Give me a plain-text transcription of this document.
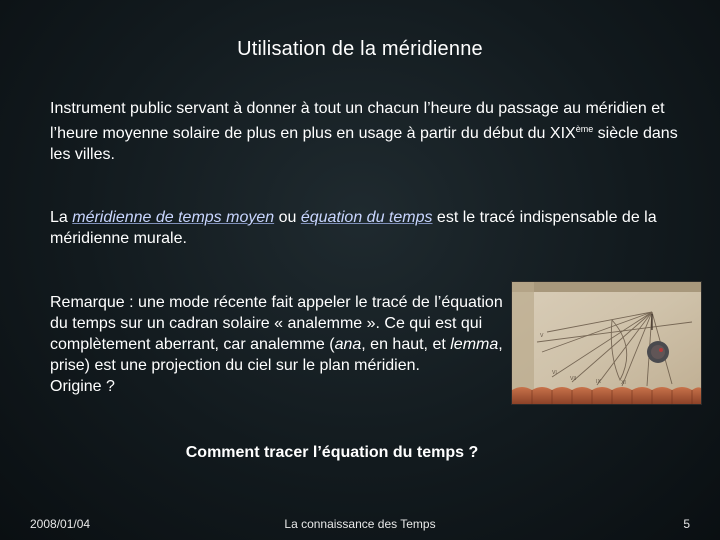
Utilisation de la méridienne
Instrument public servant à donner à tout un chacun l’heure du passage au méridien et l’heure moyenne solaire de plus en plus en usage à partir du début du XIXème siècle dans les villes.
La méridienne de temps moyen ou équation du temps est le tracé indispensable de la méridienne murale.
Remarque : une mode récente fait appeler le tracé de l’équation du temps sur un cadran solaire « analemme ». Ce qui est qui complètement aberrant, car analemme (ana, en haut, et lemma, prise) est une projection du ciel sur le plan méridien.
Origine ?
VI
VII	IX	XI
V
Comment tracer l’équation du temps ?
2008/01/04	La connaissance des Temps	5
